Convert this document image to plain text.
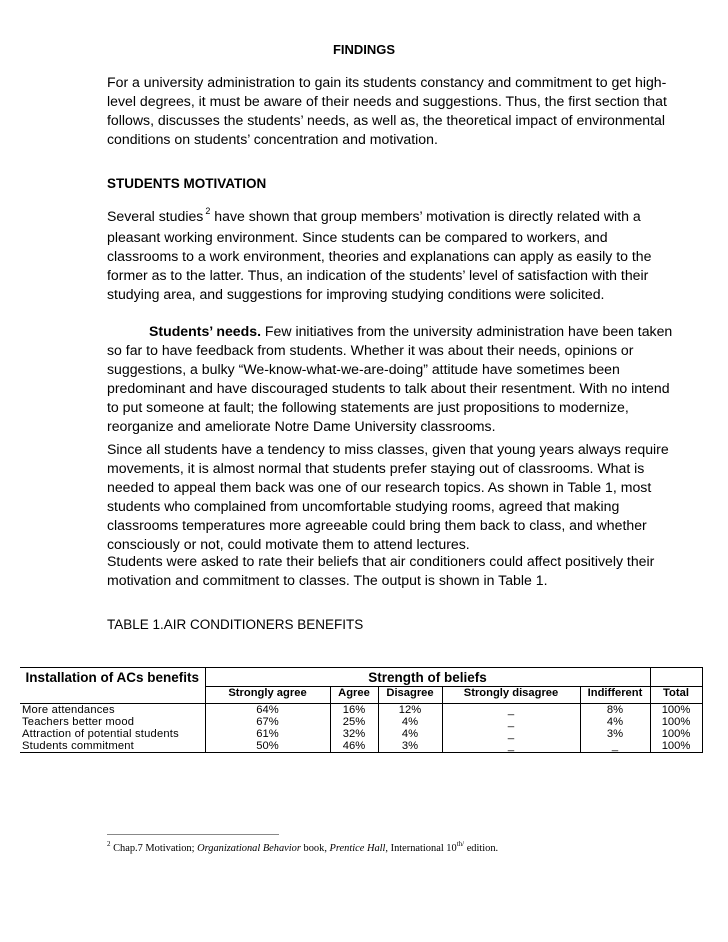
FINDINGS

For a university administration to gain its students constancy and commitment to get high-level degrees, it must be aware of their needs and suggestions. Thus, the first section that follows, discusses the students’ needs, as well as, the theoretical impact of environmental conditions on students’ concentration and motivation.

STUDENTS MOTIVATION

Several studies $^2$ have shown that group members’ motivation is directly related with a pleasant working environment. Since students can be compared to workers, and classrooms to a work environment, theories and explanations can apply as easily to the former as to the latter. Thus, an indication of the students’ level of satisfaction with their studying area, and suggestions for improving studying conditions were solicited.

Students’ needs. Few initiatives from the university administration have been taken so far to have feedback from students. Whether it was about their needs, opinions or suggestions, a bulky “We-know-what-we-are-doing” attitude have sometimes been predominant and have discouraged students to talk about their resentment. With no intend to put someone at fault; the following statements are just propositions to modernize, reorganize and ameliorate Notre Dame University classrooms.

Since all students have a tendency to miss classes, given that young years always require movements, it is almost normal that students prefer staying out of classrooms. What is needed to appeal them back was one of our research topics. As shown in Table 1, most students who complained from uncomfortable studying rooms, agreed that making classrooms temperatures more agreeable could bring them back to class, and whether consciously or not, could motivate them to attend lectures.

Students were asked to rate their beliefs that air conditioners could affect positively their motivation and commitment to classes. The output is shown in Table 1.

TABLE 1.AIR CONDITIONERS BENEFITS

Installation of ACs benefits	Strength of beliefs					
	Strongly agree	Agree	Disagree	Strongly disagree	Indifferent	Total
More attendances	64%	16%	12%	_	8%	100%
Teachers better mood	67%	25%	4%	_	4%	100%
Attraction of potential students	61%	32%	4%	_	3%	100%
Students commitment	50%	46%	3%	_	_	100%
$^2$ Chap.7 Motivation; Organizational Behavior book, Prentice Hall, International $10^{th/}$ edition.
